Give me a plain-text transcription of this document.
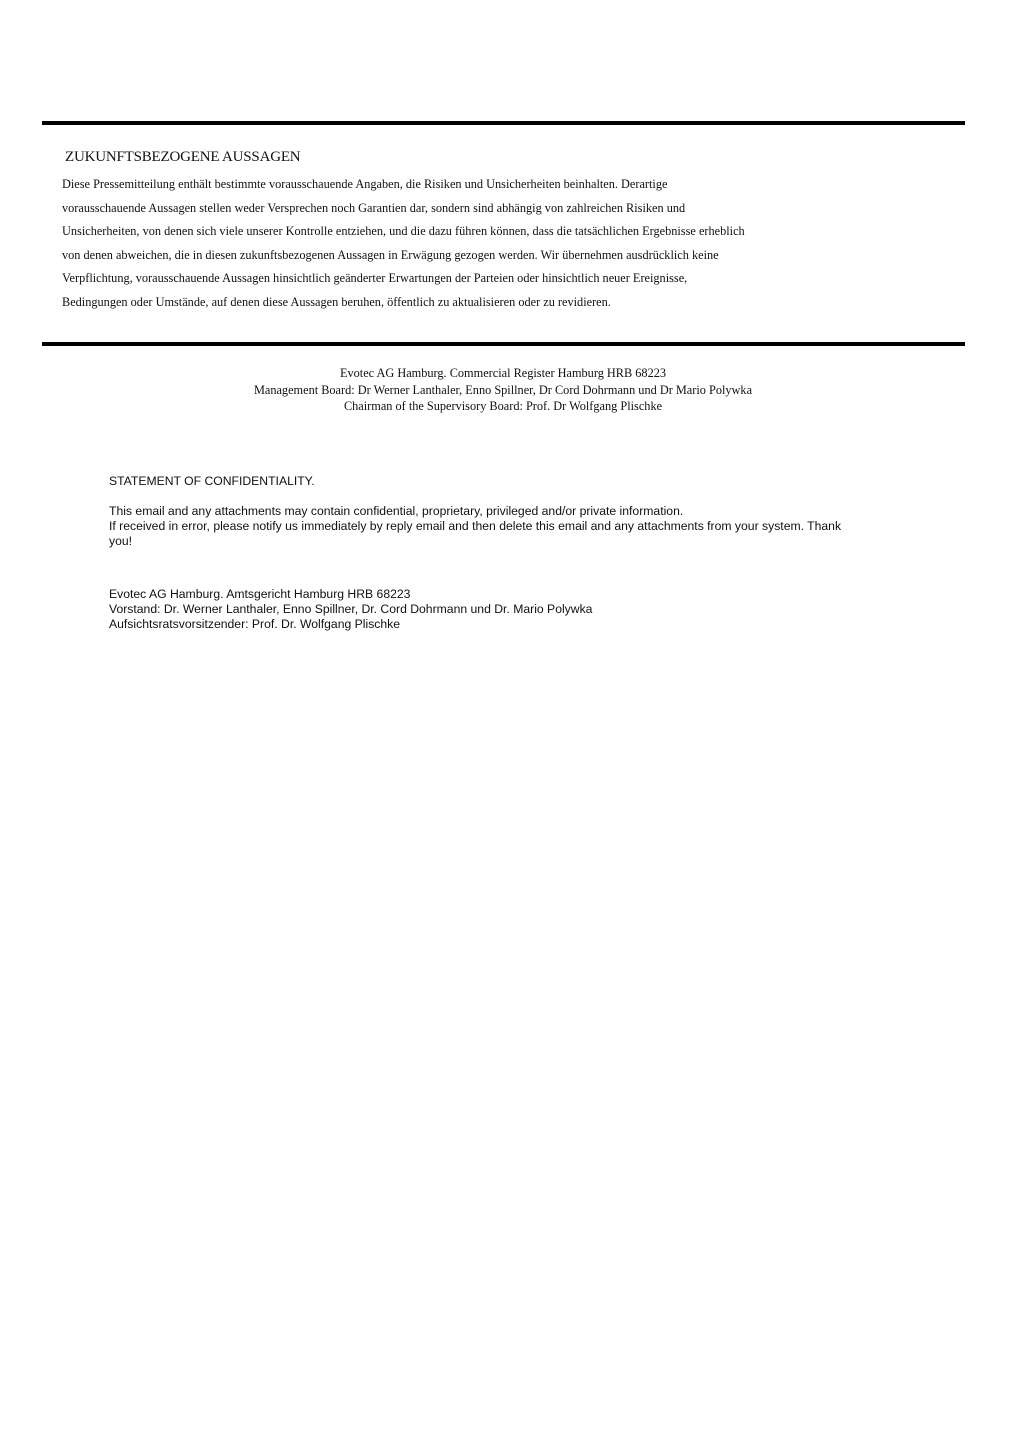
ZUKUNFTSBEZOGENE AUSSAGEN
Diese Pressemitteilung enthält bestimmte vorausschauende Angaben, die Risiken und Unsicherheiten beinhalten. Derartige
vorausschauende Aussagen stellen weder Versprechen noch Garantien dar, sondern sind abhängig von zahlreichen Risiken und
Unsicherheiten, von denen sich viele unserer Kontrolle entziehen, und die dazu führen können, dass die tatsächlichen Ergebnisse erheblich
von denen abweichen, die in diesen zukunftsbezogenen Aussagen in Erwägung gezogen werden. Wir übernehmen ausdrücklich keine
Verpflichtung, vorausschauende Aussagen hinsichtlich geänderter Erwartungen der Parteien oder hinsichtlich neuer Ereignisse,
Bedingungen oder Umstände, auf denen diese Aussagen beruhen, öffentlich zu aktualisieren oder zu revidieren.
Evotec AG Hamburg. Commercial Register Hamburg HRB 68223
Management Board: Dr Werner Lanthaler, Enno Spillner, Dr Cord Dohrmann und Dr Mario Polywka
Chairman of the Supervisory Board: Prof. Dr Wolfgang Plischke
STATEMENT OF CONFIDENTIALITY.
This email and any attachments may contain confidential, proprietary, privileged and/or private information.
If received in error, please notify us immediately by reply email and then delete this email and any attachments from your system. Thank
you!
Evotec AG Hamburg. Amtsgericht Hamburg HRB 68223
Vorstand: Dr. Werner Lanthaler, Enno Spillner, Dr. Cord Dohrmann und Dr. Mario Polywka
Aufsichtsratsvorsitzender: Prof. Dr. Wolfgang Plischke
